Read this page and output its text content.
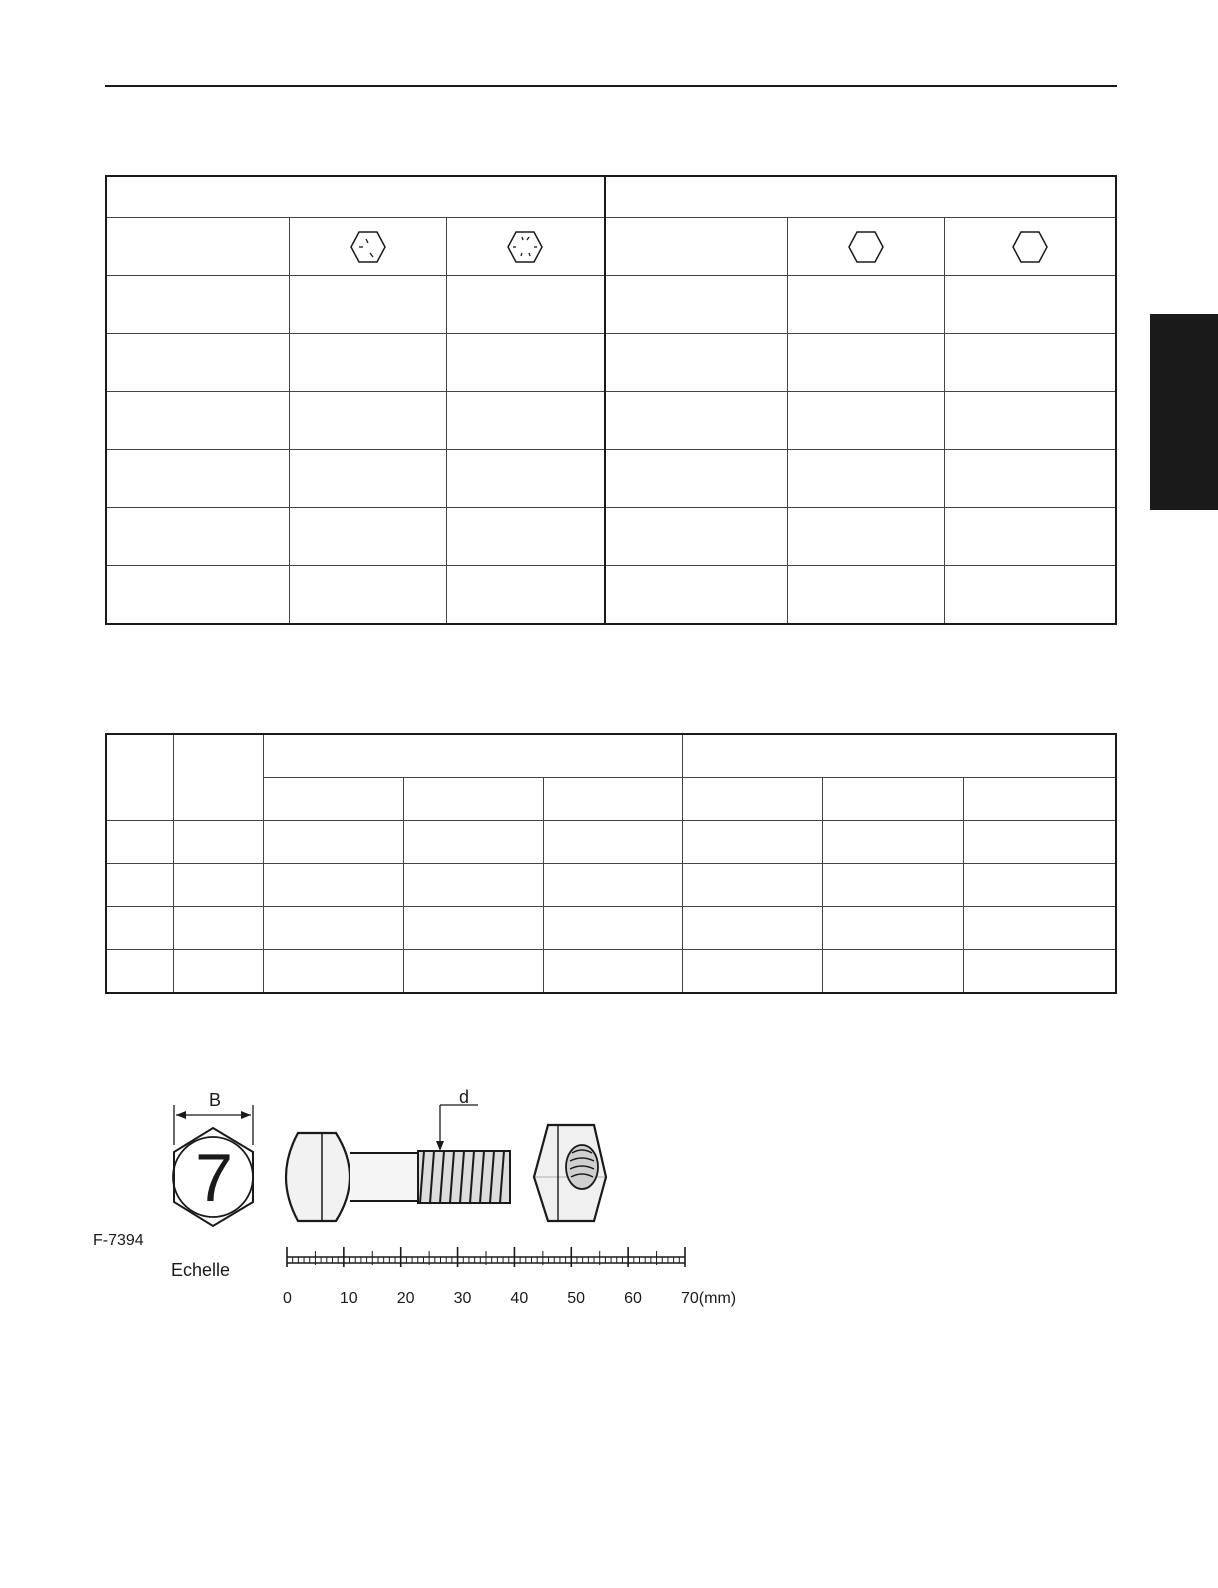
B	d
7
F-7394
Echelle
0	10 20 30 40 50 60 70(mm)
